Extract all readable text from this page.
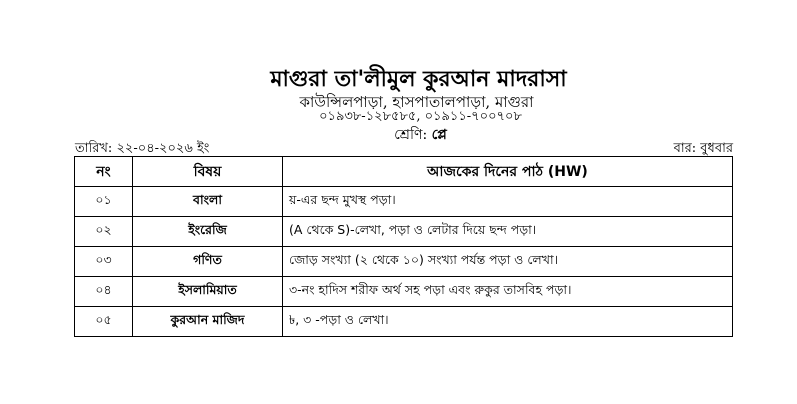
মাগুরা তা'লীমুল কুরআন মাদরাসা
কাউন্সিলপাড়া, হাসপাতালপাড়া, মাগুরা
০১৯৩৮-১২৮৫৮৫, ০১৯১১-৭০০৭০৮
শ্রেণি: প্লে
তারিখ: ২২-০৪-২০২৬ ইং	বার: বুধবার
নং	বিষয়	আজকের দিনের পাঠ (HW)
০১	বাংলা	য়-এর ছন্দ মুখস্থ পড়া।
০২	ইংরেজি	(A থেকে S)-লেখা, পড়া ও লেটার দিয়ে ছন্দ পড়া।
০৩	গণিত	জোড় সংখ্যা (২ থেকে ১০) সংখ্যা পর্যন্ত পড়া ও লেখা।
০৪	ইসলামিয়াত	৩-নং হাদিস শরীফ অর্থ সহ পড়া এবং রুকুর তাসবিহ পড়া।
০৫	কুরআন মাজিদ	৳, ৩ -পড়া ও লেখা।
